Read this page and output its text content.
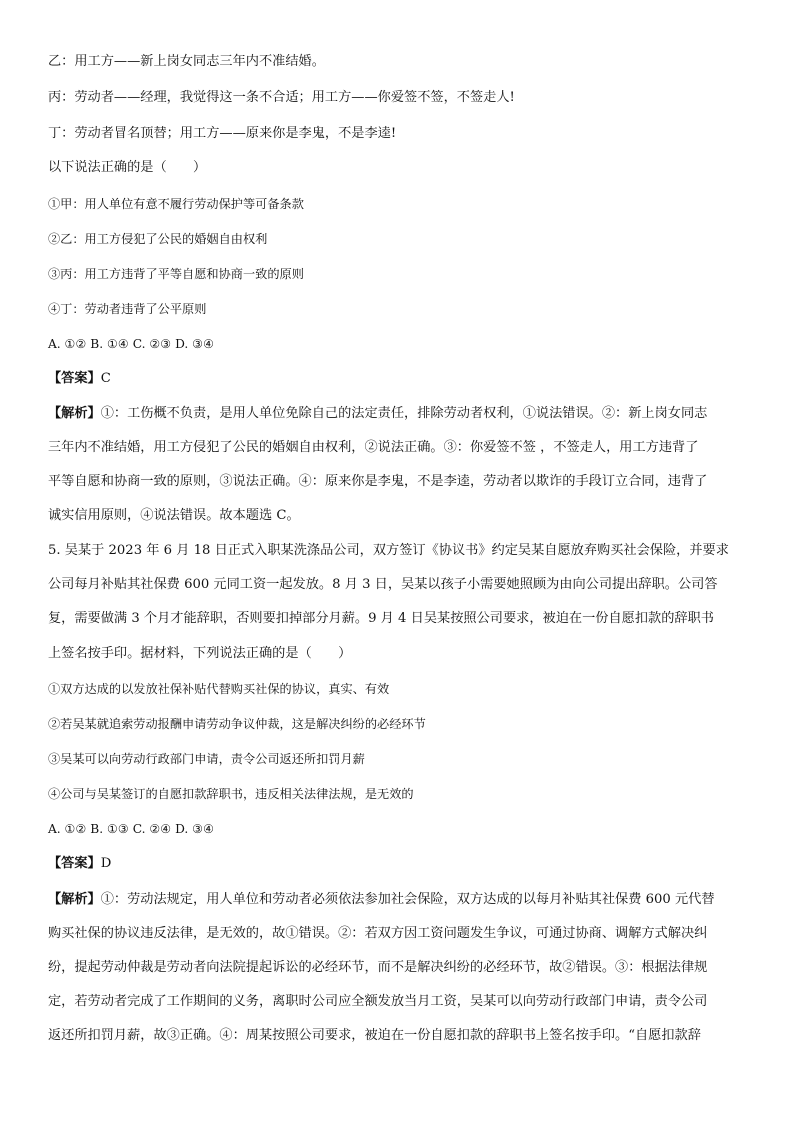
乙：用工方——新上岗女同志三年内不准结婚。
丙：劳动者——经理，我觉得这一条不合适；用工方——你爱签不签，不签走人!
丁：劳动者冒名顶替；用工方——原来你是李鬼，不是李逵!
以下说法正确的是（　　）
①甲：用人单位有意不履行劳动保护等可备条款
②乙：用工方侵犯了公民的婚姻自由权利
③丙：用工方违背了平等自愿和协商一致的原则
④丁：劳动者违背了公平原则
A. ①② B. ①④ C. ②③ D. ③④
【答案】C
【解析】①：工伤概不负责，是用人单位免除自己的法定责任，排除劳动者权利，①说法错误。②：新上岗女同志
三年内不准结婚，用工方侵犯了公民的婚姻自由权利，②说法正确。③：你爱签不签 ，不签走人，用工方违背了
平等自愿和协商一致的原则，③说法正确。④：原来你是李鬼，不是李逵，劳动者以欺诈的手段订立合同，违背了
诚实信用原则，④说法错误。故本题选 C。
5. 吴某于 2023 年 6 月 18 日正式入职某洗涤品公司，双方签订《协议书》约定吴某自愿放弃购买社会保险，并要求
公司每月补贴其社保费 600 元同工资一起发放。8 月 3 日，吴某以孩子小需要她照顾为由向公司提出辞职。公司答
复，需要做满 3 个月才能辞职，否则要扣掉部分月薪。9 月 4 日吴某按照公司要求，被迫在一份自愿扣款的辞职书
上签名按手印。据材料，下列说法正确的是（　　）
①双方达成的以发放社保补贴代替购买社保的协议，真实、有效
②若吴某就追索劳动报酬申请劳动争议仲裁，这是解决纠纷的必经环节
③吴某可以向劳动行政部门申请，责令公司返还所扣罚月薪
④公司与吴某签订的自愿扣款辞职书，违反相关法律法规，是无效的
A. ①② B. ①③ C. ②④ D. ③④
【答案】D
【解析】①：劳动法规定，用人单位和劳动者必须依法参加社会保险，双方达成的以每月补贴其社保费 600 元代替
购买社保的协议违反法律，是无效的，故①错误。②：若双方因工资问题发生争议，可通过协商、调解方式解决纠
纷，提起劳动仲裁是劳动者向法院提起诉讼的必经环节，而不是解决纠纷的必经环节，故②错误。③：根据法律规
定，若劳动者完成了工作期间的义务，离职时公司应全额发放当月工资，吴某可以向劳动行政部门申请，责令公司
返还所扣罚月薪，故③正确。④：周某按照公司要求，被迫在一份自愿扣款的辞职书上签名按手印。“自愿扣款辞
